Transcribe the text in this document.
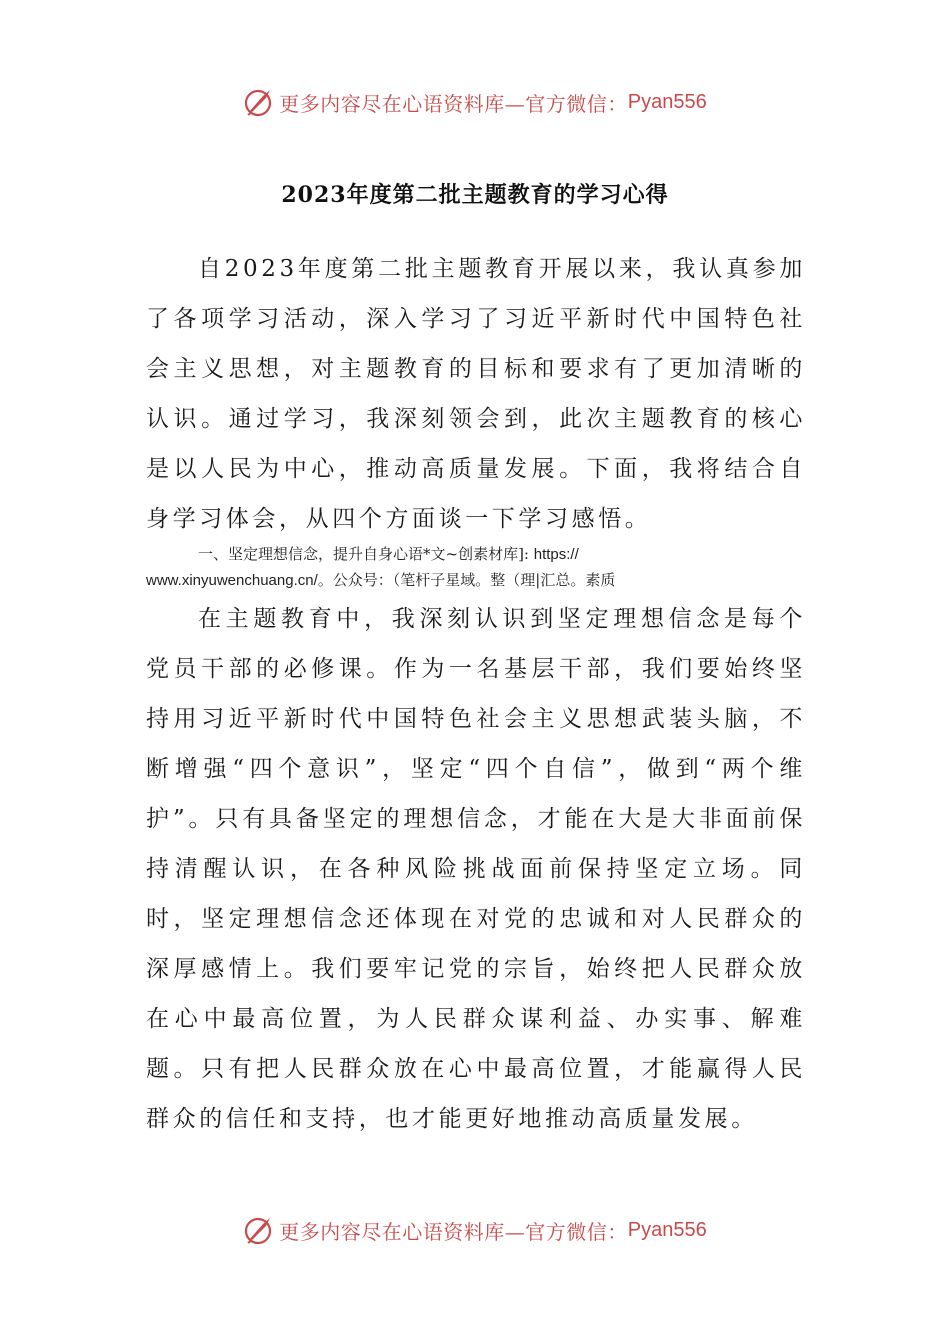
更多内容尽在心语资料库—官方微信： Pyan556
2023年度第二批主题教育的学习心得

自2023年度第二批主题教育开展以来，我认真参加了各项学习活动，深入学习了习近平新时代中国特色社会主义思想，对主题教育的目标和要求有了更加清晰的认识。通过学习，我深刻领会到，此次主题教育的核心是以人民为中心，推动高质量发展。下面，我将结合自身学习体会，从四个方面谈一下学习感悟。

一、坚定理想信念，提升自身心语*文~创素材库]: https://

www.xinyuwenchuang.cn/。公众号：（笔杆子星域。整（理|汇总。素质

在主题教育中，我深刻认识到坚定理想信念是每个党员干部的必修课。作为一名基层干部，我们要始终坚持用习近平新时代中国特色社会主义思想武装头脑，不断增强“四个意识”，坚定“四个自信”，做到“两个维护”。只有具备坚定的理想信念，才能在大是大非面前保持清醒认识，在各种风险挑战面前保持坚定立场。同时，坚定理想信念还体现在对党的忠诚和对人民群众的深厚感情上。我们要牢记党的宗旨，始终把人民群众放在心中最高位置，为人民群众谋利益、办实事、解难题。只有把人民群众放在心中最高位置，才能赢得人民群众的信任和支持，也才能更好地推动高质量发展。

更多内容尽在心语资料库—官方微信： Pyan556
